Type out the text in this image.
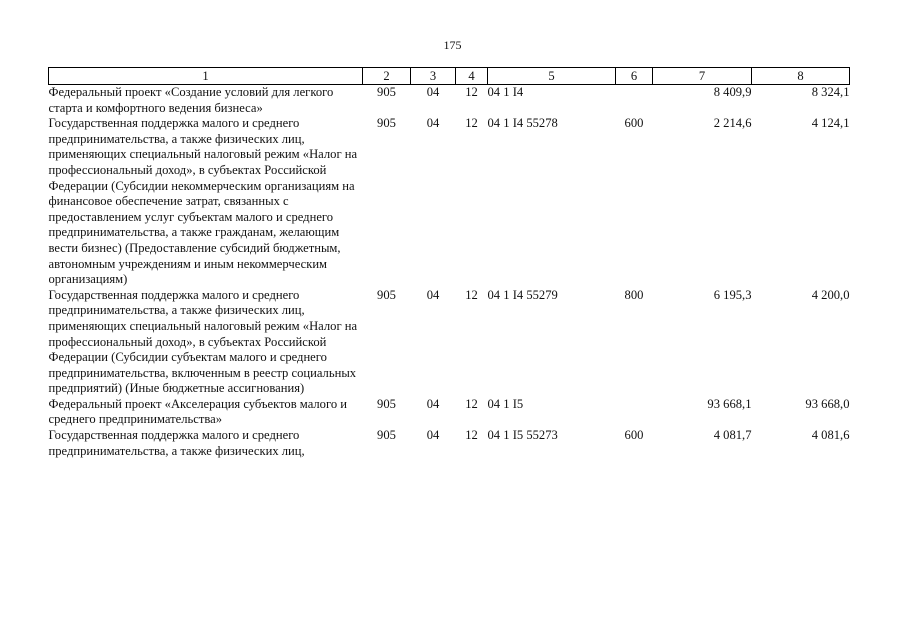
175
1	2	3	4	5	6	7	8
Федеральный проект «Создание условий для легкого старта и комфортного ведения бизнеса»	905	04	12	04 1 I4		8 409,9	8 324,1
Государственная поддержка малого и среднего предпринимательства, а также физических лиц, применяющих специальный налоговый режим «Налог на профессиональный доход», в субъектах Российской Федерации (Субсидии некоммерческим организациям на финансовое обеспечение затрат, связанных с предоставлением услуг субъектам малого и среднего предпринимательства, а также гражданам, желающим вести бизнес) (Предоставление субсидий бюджетным, автономным учреждениям и иным некоммерческим организациям)	905	04	12	04 1 I4 55278	600	2 214,6	4 124,1
Государственная поддержка малого и среднего предпринимательства, а также физических лиц, применяющих специальный налоговый режим «Налог на профессиональный доход», в субъектах Российской Федерации (Субсидии субъектам малого и среднего предпринимательства, включенным в реестр социальных предприятий) (Иные бюджетные ассигнования)	905	04	12	04 1 I4 55279	800	6 195,3	4 200,0
Федеральный проект «Акселерация субъектов малого и среднего предпринимательства»	905	04	12	04 1 I5		93 668,1	93 668,0
Государственная поддержка малого и среднего предпринимательства, а также физических лиц,	905	04	12	04 1 I5 55273	600	4 081,7	4 081,6
